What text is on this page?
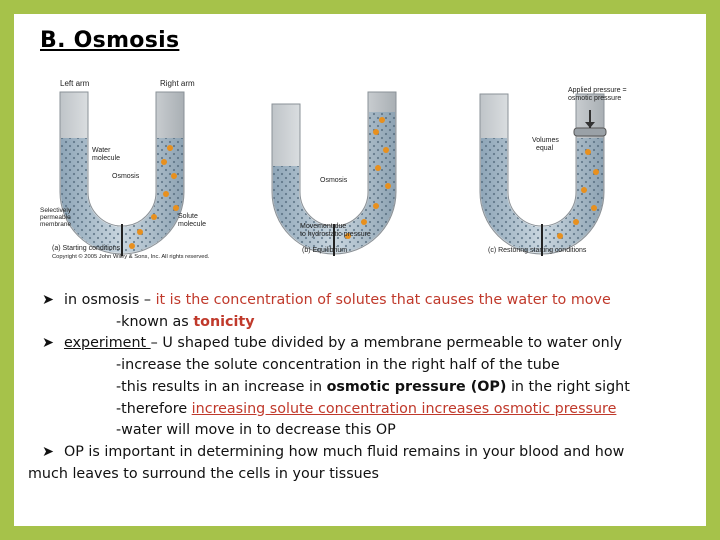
B. Osmosis
Left arm	Right arm
Water
molecule
Osmosis
Selectively
permeable
membrane
Solute
molecule
(a) Starting conditions
Copyright © 2005 John Wiley & Sons, Inc. All rights reserved.
Osmosis
Movement due
to hydrostatic pressure
(b) Equilibrium
Applied pressure =
osmotic pressure
Volumes
equal
(c) Restoring starting conditions
➤ in osmosis – it is the concentration of solutes that causes the water to move
-known as tonicity
➤ experiment – U shaped tube divided by a membrane permeable to water only
-increase the solute concentration in the right half of the tube
-this results in an increase in osmotic pressure (OP) in the right sight
-therefore increasing solute concentration increases osmotic pressure
-water will move in to decrease this OP
➤ OP is important in determining how much fluid remains in your blood and how
much leaves to surround the cells in your tissues
